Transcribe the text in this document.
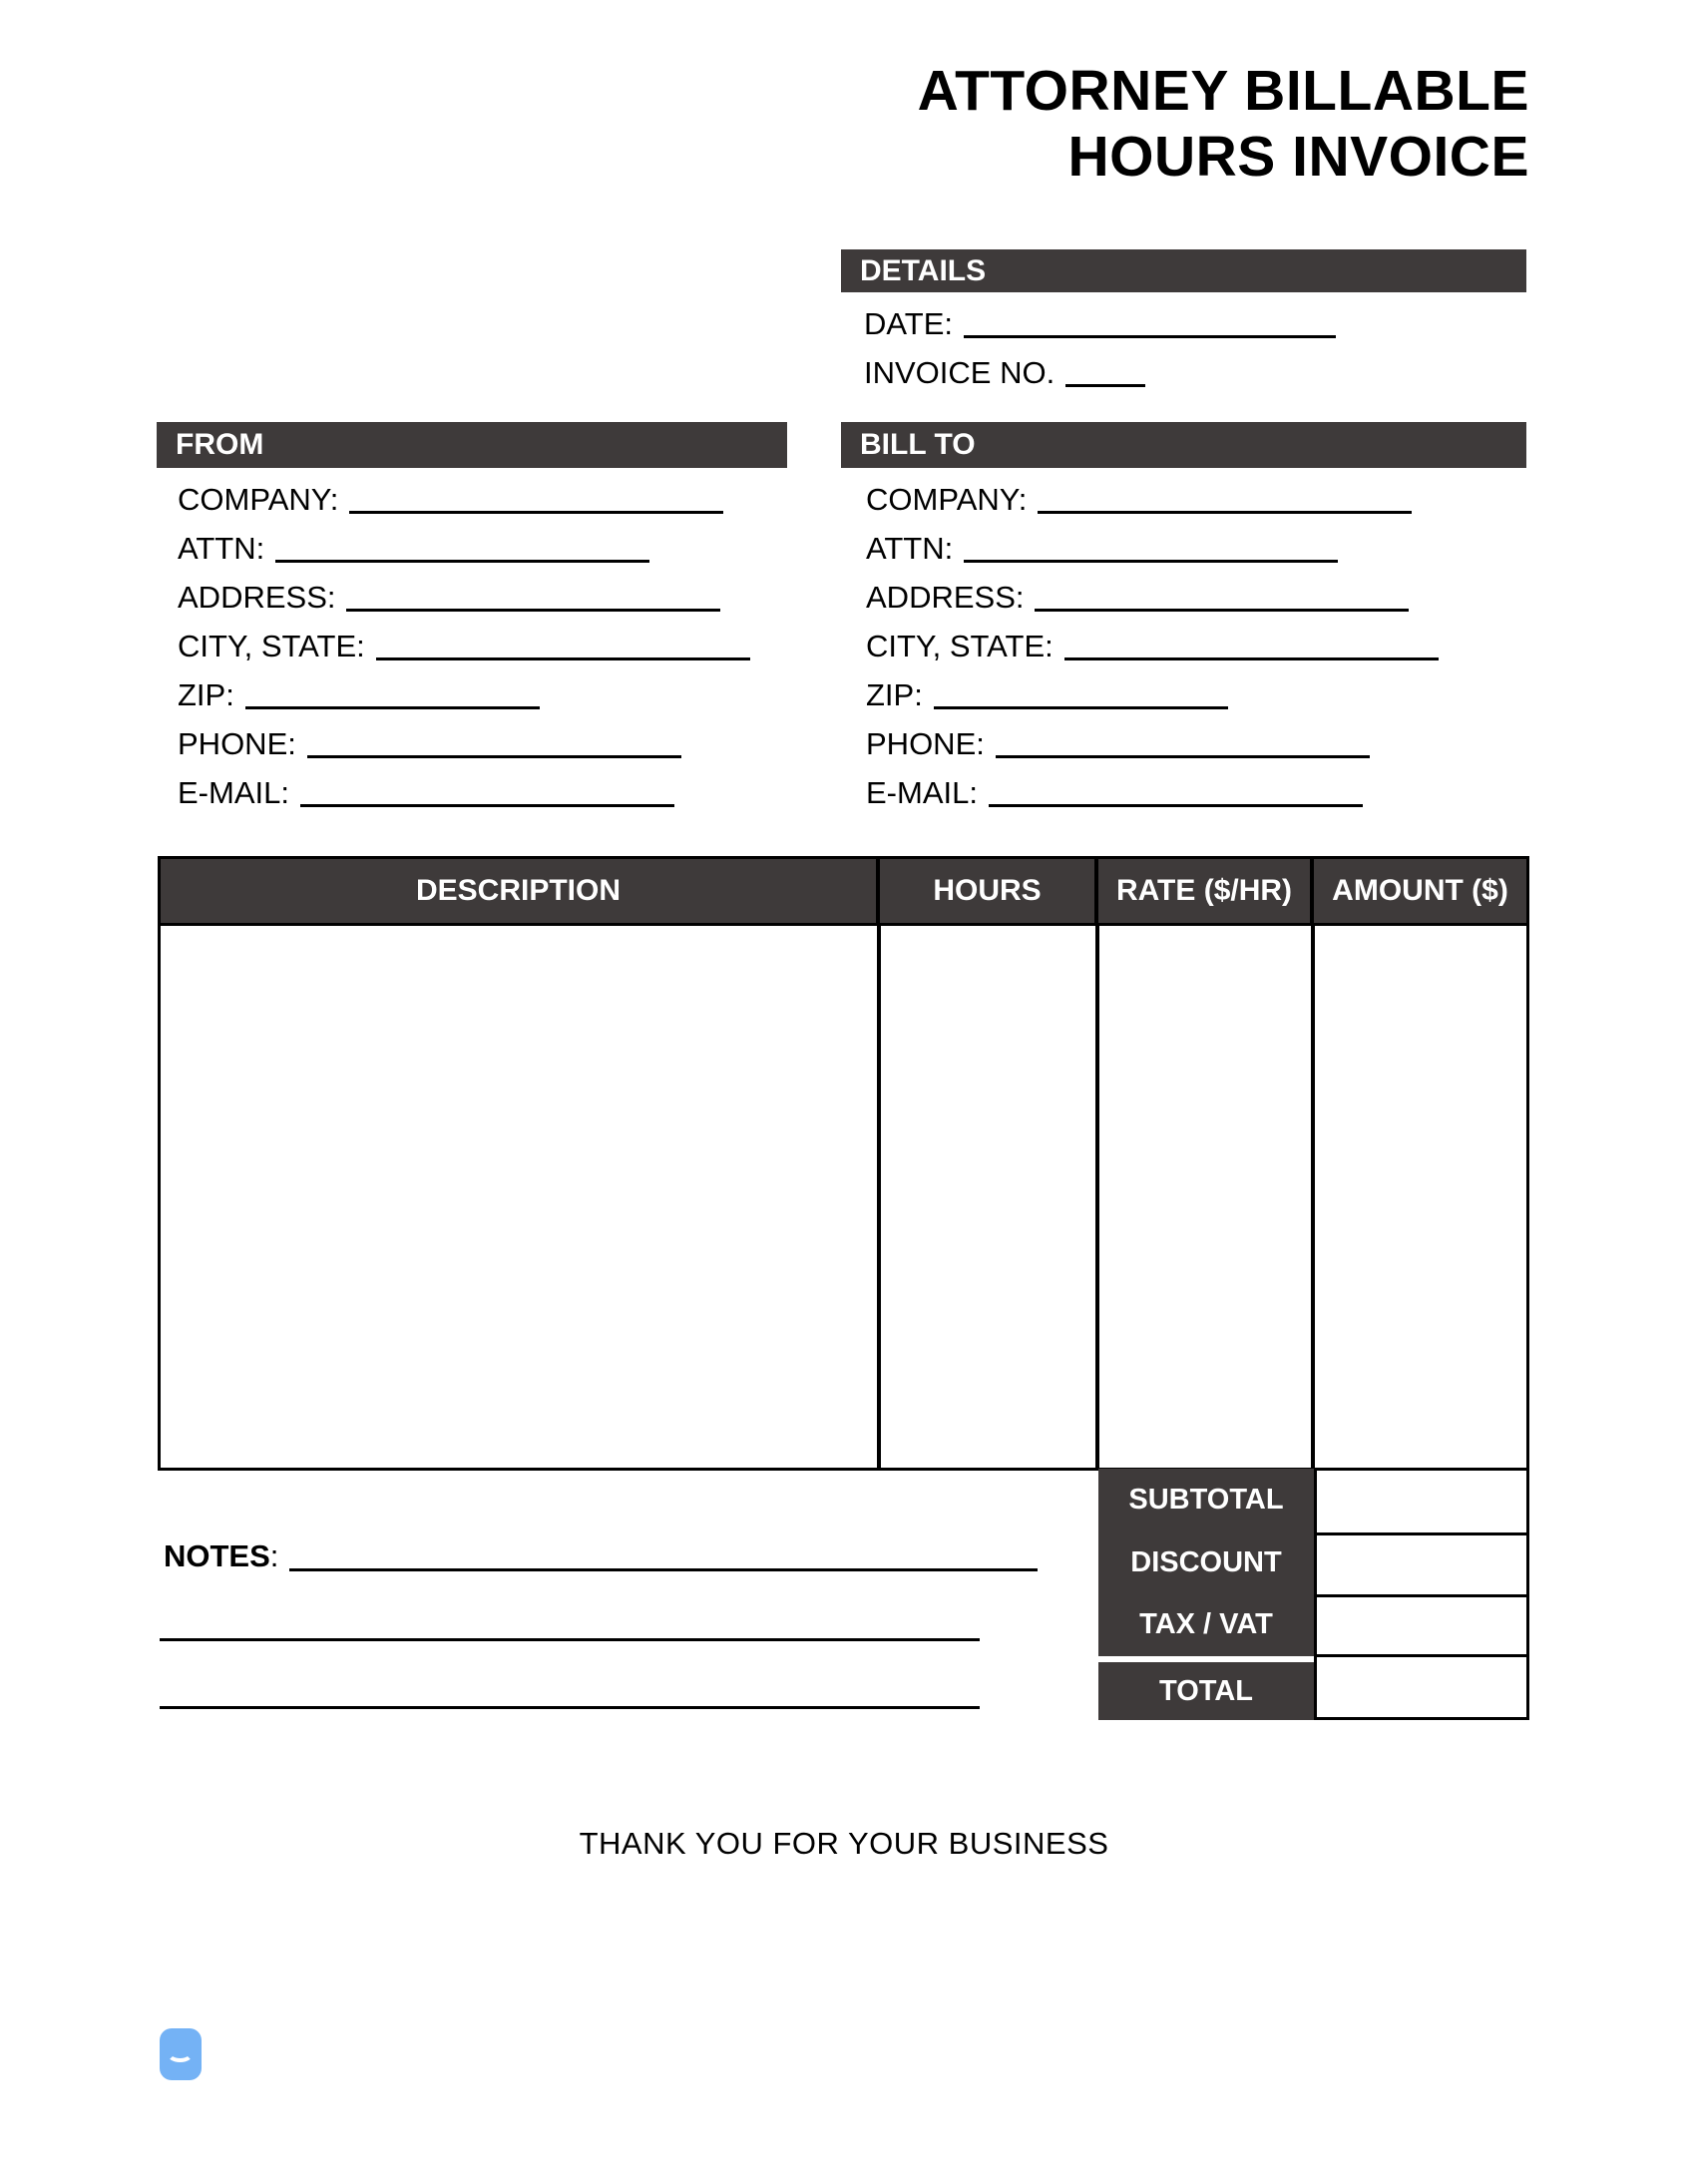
ATTORNEY BILLABLE
HOURS INVOICE
DETAILS
DATE:
INVOICE NO.
FROM
COMPANY:
ATTN:
ADDRESS:
CITY, STATE:
ZIP:
PHONE:
E-MAIL:
BILL TO
COMPANY:
ATTN:
ADDRESS:
CITY, STATE:
ZIP:
PHONE:
E-MAIL:
DESCRIPTION	HOURS	RATE ($/HR)	AMOUNT ($)
SUBTOTAL
DISCOUNT
TAX / VAT
TOTAL
NOTES:
THANK YOU FOR YOUR BUSINESS
